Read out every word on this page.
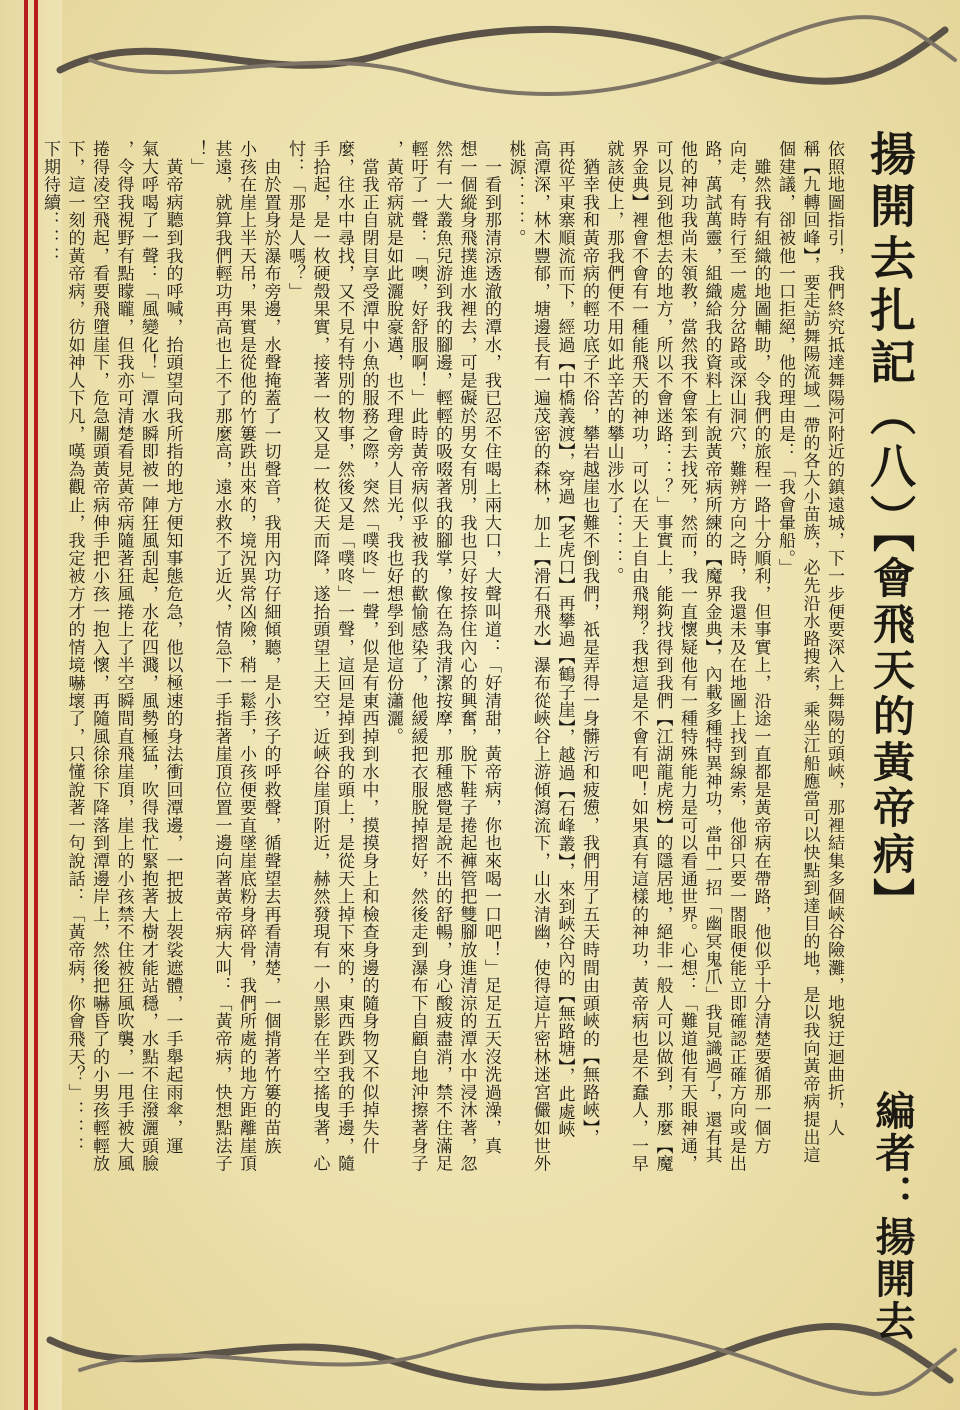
揚開去扎記（八）
【會飛天的黃帝病】
編者：揚開去
依照地圖指引，我們終究抵達舞陽河附近的鎮遠城，下一步便要深入上舞陽的頭峽，那裡結集多個峽谷險灘，地貌迂迴曲折，人
稱【九轉回峰】，要走訪舞陽流域一帶的各大小苗族，必先沿水路搜索，乘坐江船應當可以快點到達目的地，是以我向黃帝病提出這
個建議，卻被他一口拒絕，他的理由是：「我會暈船。」
　雖然我有組織的地圖輔助，令我們的旅程一路十分順利，但事實上，沿途一直都是黃帝病在帶路，他似乎十分清楚要循那一個方
向走，有時行至一處分岔路或深山洞穴，難辨方向之時，我還未及在地圖上找到線索，他卻只要一閤眼便能立即確認正確方向或是出
路，萬試萬靈，組織給我的資料上有說黃帝病所練的【魔界金典】，內載多種特異神功，當中一招「幽冥鬼爪」我見識過了，還有其
他的神功我尚未領教，當然我不會笨到去找死，然而，我一直懷疑他有一種特殊能力是可以看通世界。心想：「難道他有天眼神通，
可以見到他想去的地方，所以不會迷路：：？」事實上，能夠找得到我們【江湖龍虎榜】的隱居地，絕非一般人可以做到，那麼【魔
界金典】裡會不會有一種能飛天的神功，可以在天上自由飛翔？我想這是不會有吧！如果真有這樣的神功，黃帝病也是不蠢人，一早
就該使上，那我們便不用如此辛苦的攀山涉水了：：：。
　猶幸我和黃帝病的輕功底子不俗，攀岩越崖也難不倒我們，祇是弄得一身髒污和疲憊，我們用了五天時間由頭峽的【無路峽】，
再從平東寨順流而下，經過【中橋義渡】，穿過【老虎口】再攀過【鶴子崖】，越過【石峰叢】，來到峽谷內的【無路塘】，此處峽
高潭深，林木豐郁，塘邊長有一遍茂密的森林，加上【滑石飛水】瀑布從峽谷上游傾瀉流下，山水清幽，使得這片密林迷宮儼如世外
桃源：：：。
　一看到那清涼透澈的潭水，我已忍不住喝上兩大口，大聲叫道：「好清甜，黃帝病，你也來喝一口吧！」足足五天沒洗過澡，真
想一個縱身飛撲進水裡去，可是礙於男女有別，我也只好按捺住內心的興奮，脫下鞋子捲起褲管把雙腳放進清涼的潭水中浸沐著，忽
然有一大叢魚兒游到我的腳邊，輕輕的吸啜著我的腳掌，像在為我清潔按摩，那種感覺是說不出的舒暢，身心酸疲盡消，禁不住滿足
輕吁了一聲：「噢，好舒服啊！」此時黃帝病似乎被我的歡愉感染了，他緩緩把衣服脫掉摺好，然後走到瀑布下自顧自地沖擦著身子
，黃帝病就是如此灑脫豪邁，也不理會旁人目光，我也好想學到他這份瀟灑。
　當我正自閉目享受潭中小魚的服務之際，突然「噗咚」一聲，似是有東西掉到水中，摸摸身上和檢查身邊的隨身物又不似掉失什
麼，往水中尋找，又不見有特別的物事，然後又是「噗咚」一聲，這回是掉到我的頭上，是從天上掉下來的，東西跌到我的手邊，隨
手拾起，是一枚硬殼果實，接著一枚又是一枚從天而降，遂抬頭望上天空，近峽谷崖頂附近，赫然發現有一小黑影在半空搖曳著，心
忖：「那是人嗎？」
　由於置身於瀑布旁邊，水聲掩蓋了一切聲音，我用內功仔細傾聽，是小孩子的呼救聲，循聲望去再看清楚，一個揹著竹簍的苗族
小孩在崖上半天吊，果實是從他的竹簍跌出來的，境況異常凶險，稍一鬆手，小孩便要直墜崖底粉身碎骨，我們所處的地方距離崖頂
甚遠，就算我們輕功再高也上不了那麼高，遠水救不了近火，情急下一手指著崖頂位置一邊向著黃帝病大叫：「黃帝病，快想點法子
！」
　黃帝病聽到我的呼喊，抬頭望向我所指的地方便知事態危急，他以極速的身法衝回潭邊，一把披上袈裟遮體，一手舉起雨傘，運
氣大呼喝了一聲：「風變化！」潭水瞬即被一陣狂風刮起，水花四濺，風勢極猛，吹得我忙緊抱著大樹才能站穩，水點不住潑灑頭臉
，令得我視野有點矇矓，但我亦可清楚看見黃帝病隨著狂風捲上了半空瞬間直飛崖頂，崖上的小孩禁不住被狂風吹襲，一甩手被大風
捲得凌空飛起，看要飛墮崖下，危急關頭黃帝病伸手把小孩一抱入懷，再隨風徐徐下降落到潭邊岸上，然後把嚇昏了的小男孩輕輕放
下，這一刻的黃帝病，彷如神人下凡，嘆為觀止，我定被方才的情境嚇壞了，只懂說著一句說話：「黃帝病，你會飛天？」：：：
下期待續：：：
